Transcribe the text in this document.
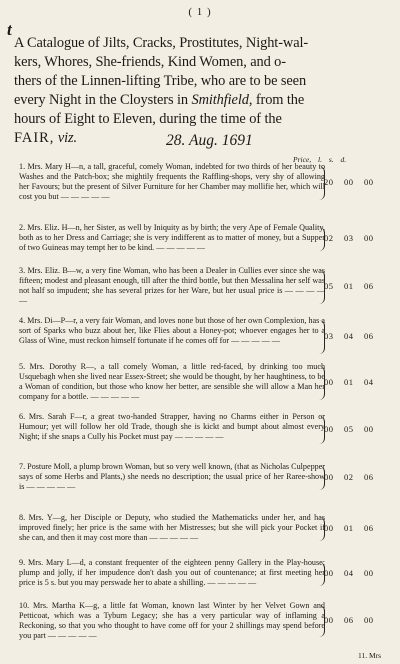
( 1 )
t
A Catalogue of Jilts, Cracks, Prostitutes, Night-wal-
kers, Whores, She-friends, Kind Women, and o-
thers of the Linnen-lifting Tribe, who are to be seen
every Night in the Cloysters in Smithfield, from the
hours of Eight to Eleven, during the time of the
FAIR, viz.	28. Aug. 1691
Price, l. s. d.
1. Mrs. Mary H—n, a tall, graceful, comely Woman, indebted for two thirds of her beauty to Washes and the Patch-box; she mightily frequents the Raffling-shops, very shy of allowing her Favours; but the present of Silver Furniture for her Chamber may mollifie her, which will cost you but — — — — —
20 00 00
2. Mrs. Eliz. H—n, her Sister, as well by Iniquity as by birth; the very Ape of Female Quality, both as to her Dress and Carriage; she is very indifferent as to matter of money, but a Supper of two Guineas may tempt her to be kind. — — — — —
02 03 00
3. Mrs. Eliz. B—w, a very fine Woman, who has been a Dealer in Cullies ever since she was fifteen; modest and pleasant enough, till after the third bottle, but then Messalina her self was not half so impudent; she has several prizes for her Ware, but her usual price is — — — — —
05 01 06
4. Mrs. Di—P—r, a very fair Woman, and loves none but those of her own Complexion, has a sort of Sparks who buzz about her, like Flies about a Honey-pot; whoever engages her to a Glass of Wine, must reckon himself fortunate if he comes off for — — — — —	03 04 06
5. Mrs. Dorothy R—, a tall comely Woman, a little red-faced, by drinking too much Usquebagh when she lived near Essex-Street; she would be thought, by her haughtiness, to be a Woman of condition, but those who know her better, are sensible she will allow a Man her company for a bottle. — — — — —
00 01 04
6. Mrs. Sarah F—r, a great two-handed Strapper, having no Charms either in Person or Humour; yet will follow her old Trade, though she is kickt and bumpt about almost every Night; if she snaps a Cully his Pocket must pay — — — — —
00 05 00
7. Posture Moll, a plump brown Woman, but so very well known, (that as Nicholas Culpepper says of some Herbs and Plants,) she needs no description; the usual price of her Raree-show is — — — — —
00 02 06
8. Mrs. Y—g, her Disciple or Deputy, who studied the Mathematicks under her, and has improved finely; her price is the same with her Mistresses; but she will pick your Pocket if she can, and then it may cost more than — — — — —
00 01 06
9. Mrs. Mary L—d, a constant frequenter of the eighteen penny Gallery in the Play-house; plump and jolly, if her impudence don't dash you out of countenance; at first meeting her price is 5 s. but you may perswade her to abate a shilling. — — — — —
00 04 00
10. Mrs. Martha K—g, a little fat Woman, known last Winter by her Velvet Gown and Petticoat, which was a Tyburn Legacy; she has a very particular way of inflaming a Reckoning, so that you who thought to have come off for your 2 shillings may spend before you part — — — — —
00 06 00
11. Mrs
